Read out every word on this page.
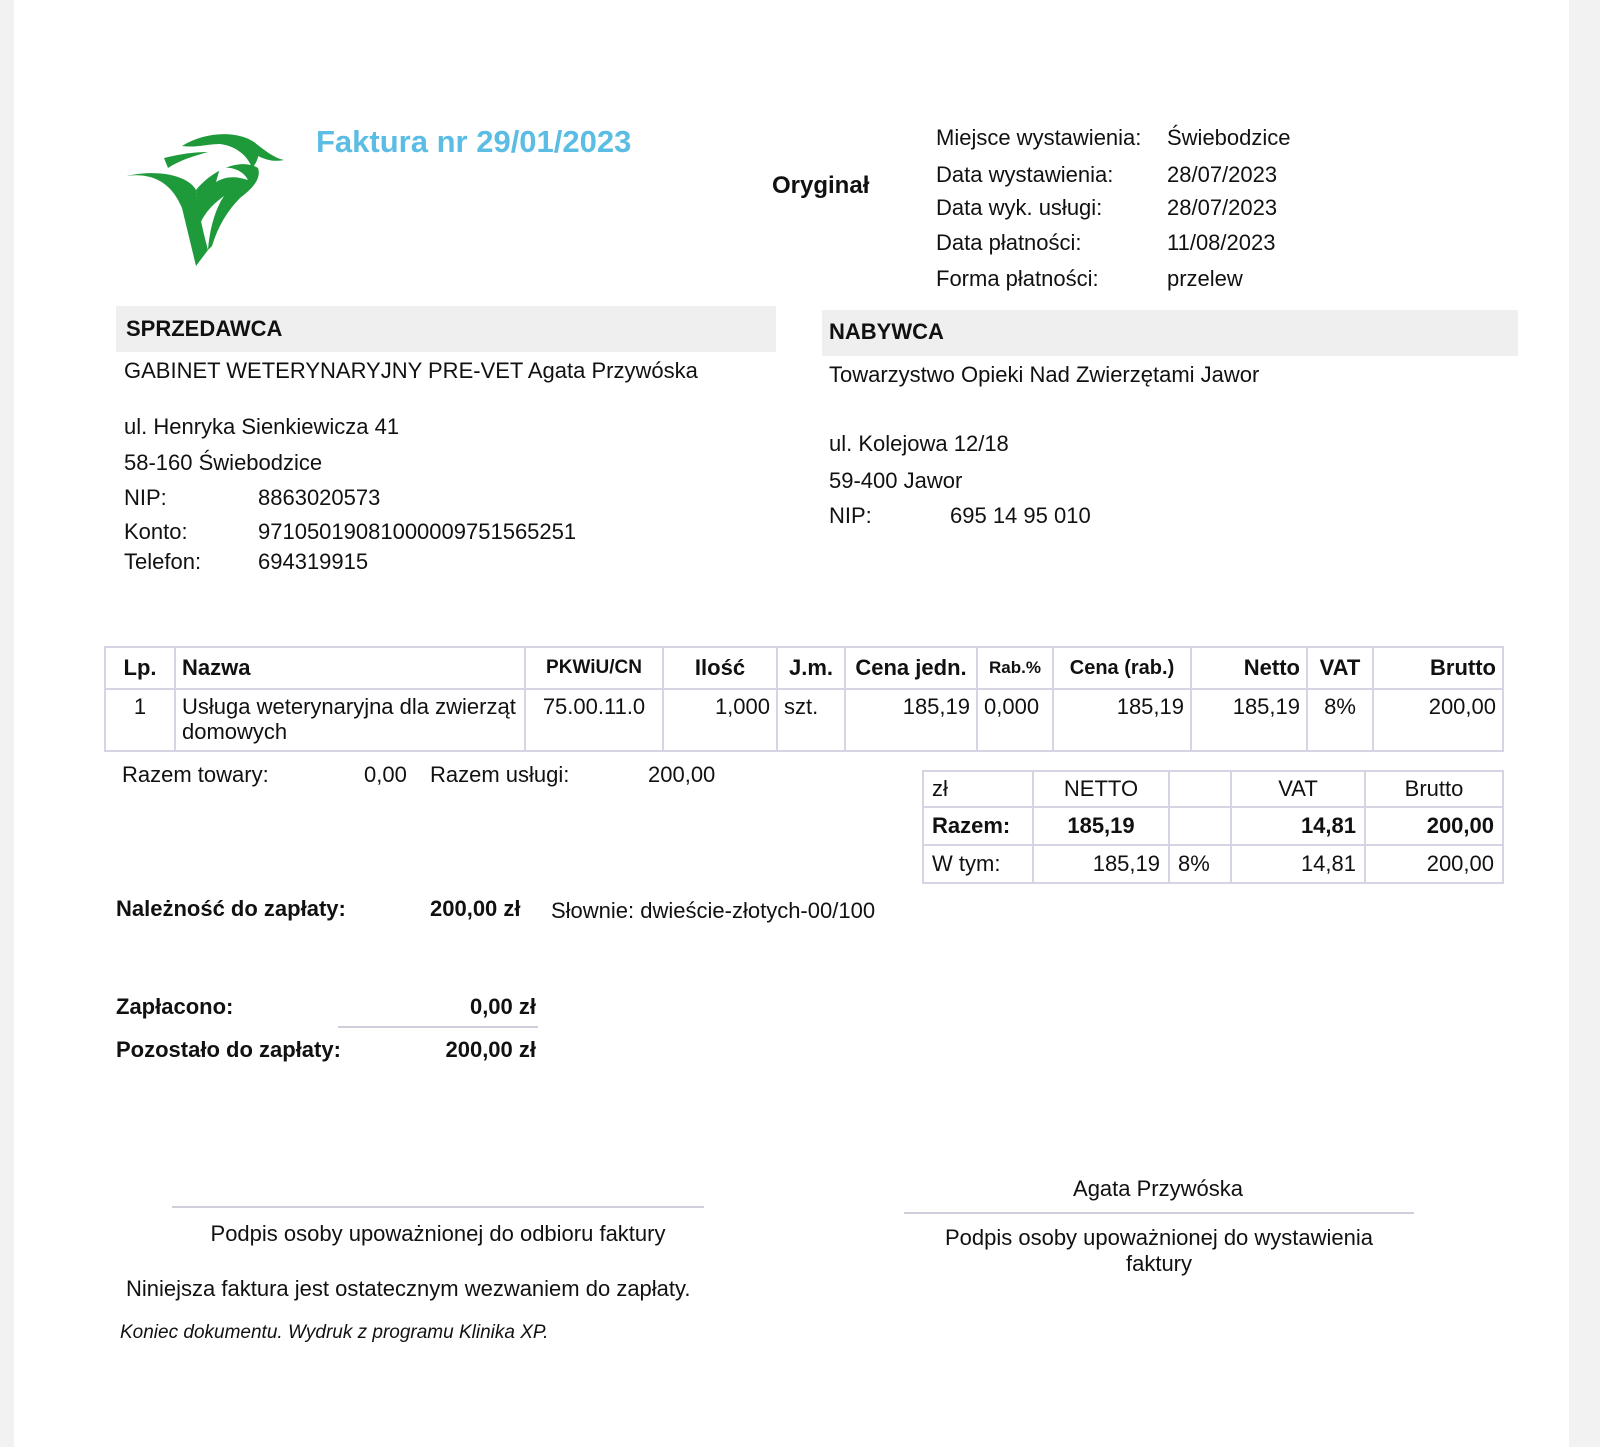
Faktura nr 29/01/2023
Oryginał
Miejsce wystawienia: Świebodzice
Data wystawienia: 28/07/2023
Data wyk. usługi:	28/07/2023
Data płatności:	11/08/2023
Forma płatności:	przelew
SPRZEDAWCA
GABINET WETERYNARYJNY PRE-VET Agata Przywóska
ul. Henryka Sienkiewicza 41
58-160 Świebodzice
NIP:	8863020573
Konto:	97105019081000009751565251
Telefon:	694319915
NABYWCA
Towarzystwo Opieki Nad Zwierzętami Jawor
ul. Kolejowa 12/18
59-400 Jawor
NIP:	695 14 95 010
Lp.	Nazwa	PKWiU/CN	Ilość	J.m.	Cena jedn.	Rab.%	Cena (rab.)	Netto	VAT	Brutto
1	Usługa weterynaryjna dla zwierząt domowych	75.00.11.0	1,000	szt.	185,19	0,000	185,19	185,19	8%	200,00
Razem towary:	0,00 Razem usługi:	200,00
zł	NETTO		VAT	Brutto
Razem:	185,19		14,81	200,00
W tym:	185,19	8%	14,81	200,00
Należność do zapłaty:	200,00 zł Słownie: dwieście-złotych-00/100
Zapłacono:	0,00 zł
Pozostało do zapłaty:	200,00 zł
Agata Przywóska
Podpis osoby upoważnionej do odbioru faktury	Podpis osoby upoważnionej do wystawienia
faktury
Niniejsza faktura jest ostatecznym wezwaniem do zapłaty.
Koniec dokumentu. Wydruk z programu Klinika XP.
